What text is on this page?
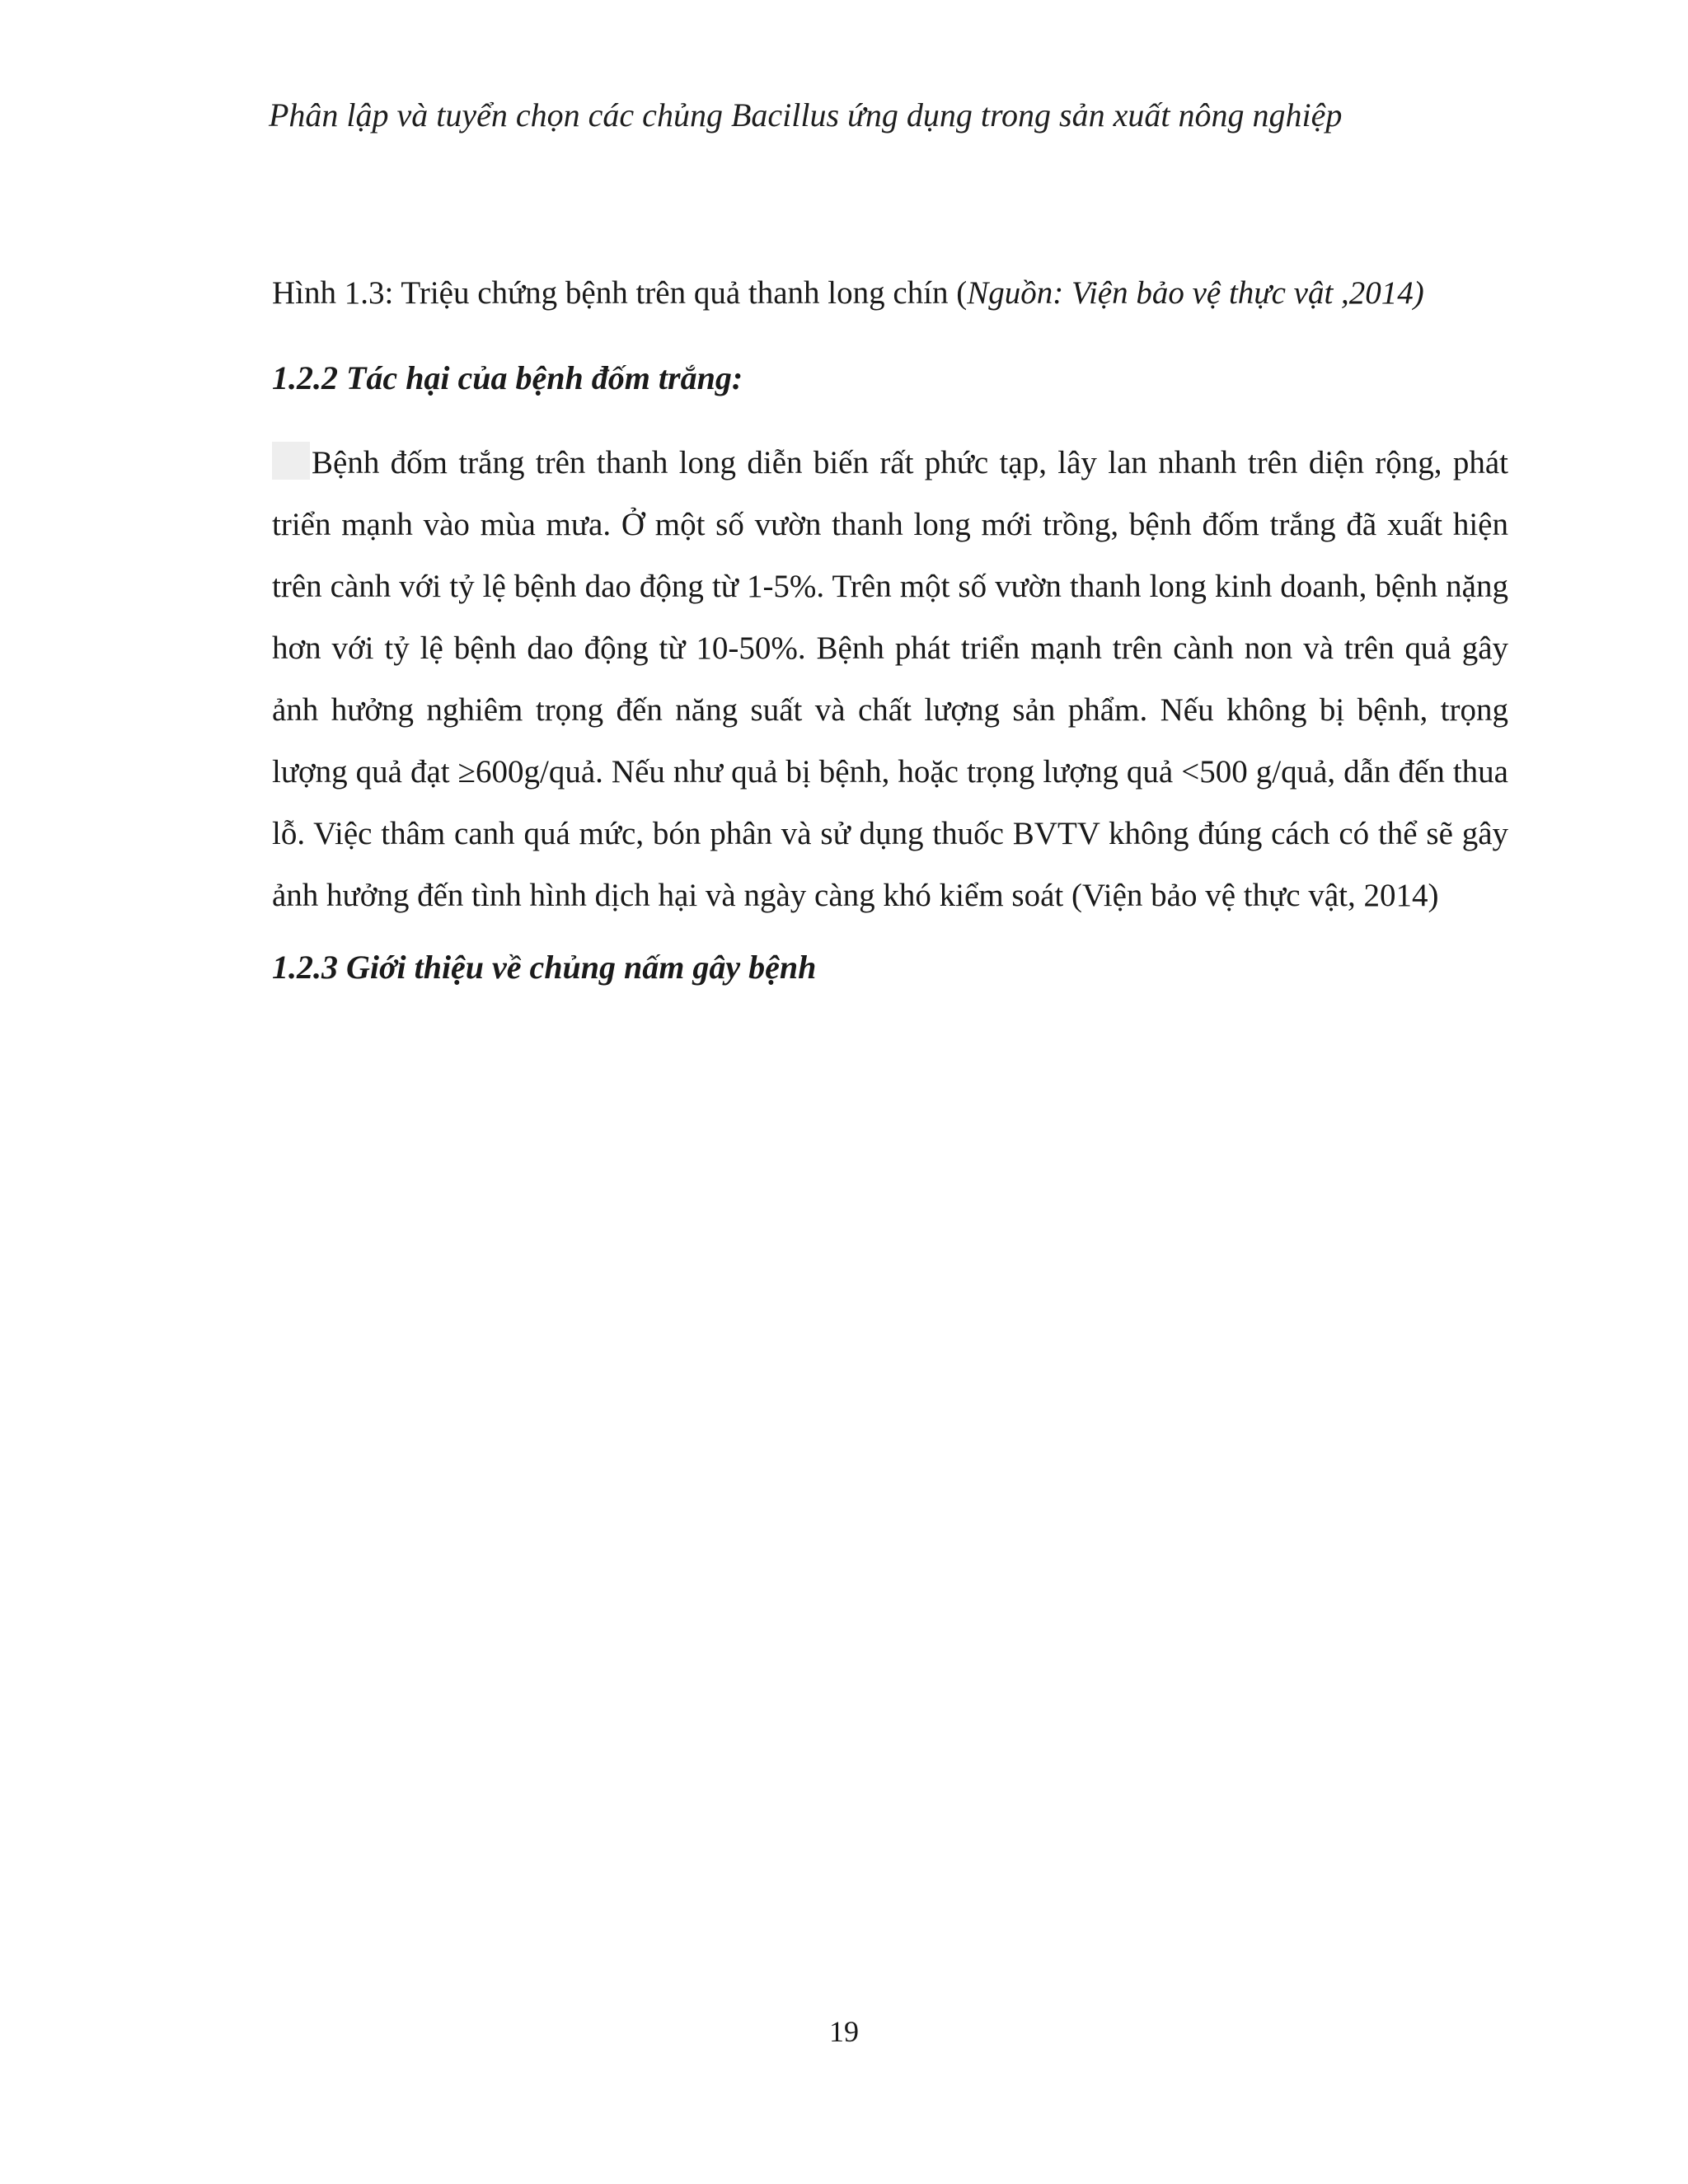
Phân lập và tuyển chọn các chủng Bacillus ứng dụng trong sản xuất nông nghiệp

Hình 1.3: Triệu chứng bệnh trên quả thanh long chín (Nguồn: Viện bảo vệ thực vật ,2014)

1.2.2 Tác hại của bệnh đốm trắng:

Bệnh đốm trắng trên thanh long diễn biến rất phức tạp, lây lan nhanh trên diện rộng, phát triển mạnh vào mùa mưa. Ở một số vườn thanh long mới trồng, bệnh đốm trắng đã xuất hiện trên cành với tỷ lệ bệnh dao động từ 1-5%. Trên một số vườn thanh long kinh doanh, bệnh nặng hơn với tỷ lệ bệnh dao động từ 10-50%. Bệnh phát triển mạnh trên cành non và trên quả gây ảnh hưởng nghiêm trọng đến năng suất và chất lượng sản phẩm. Nếu không bị bệnh, trọng lượng quả đạt ≥600g/quả. Nếu như quả bị bệnh, hoặc trọng lượng quả <500 g/quả, dẫn đến thua lỗ. Việc thâm canh quá mức, bón phân và sử dụng thuốc BVTV không đúng cách có thể sẽ gây ảnh hưởng đến tình hình dịch hại và ngày càng khó kiểm soát (Viện bảo vệ thực vật, 2014)

1.2.3 Giới thiệu về chủng nấm gây bệnh

19
